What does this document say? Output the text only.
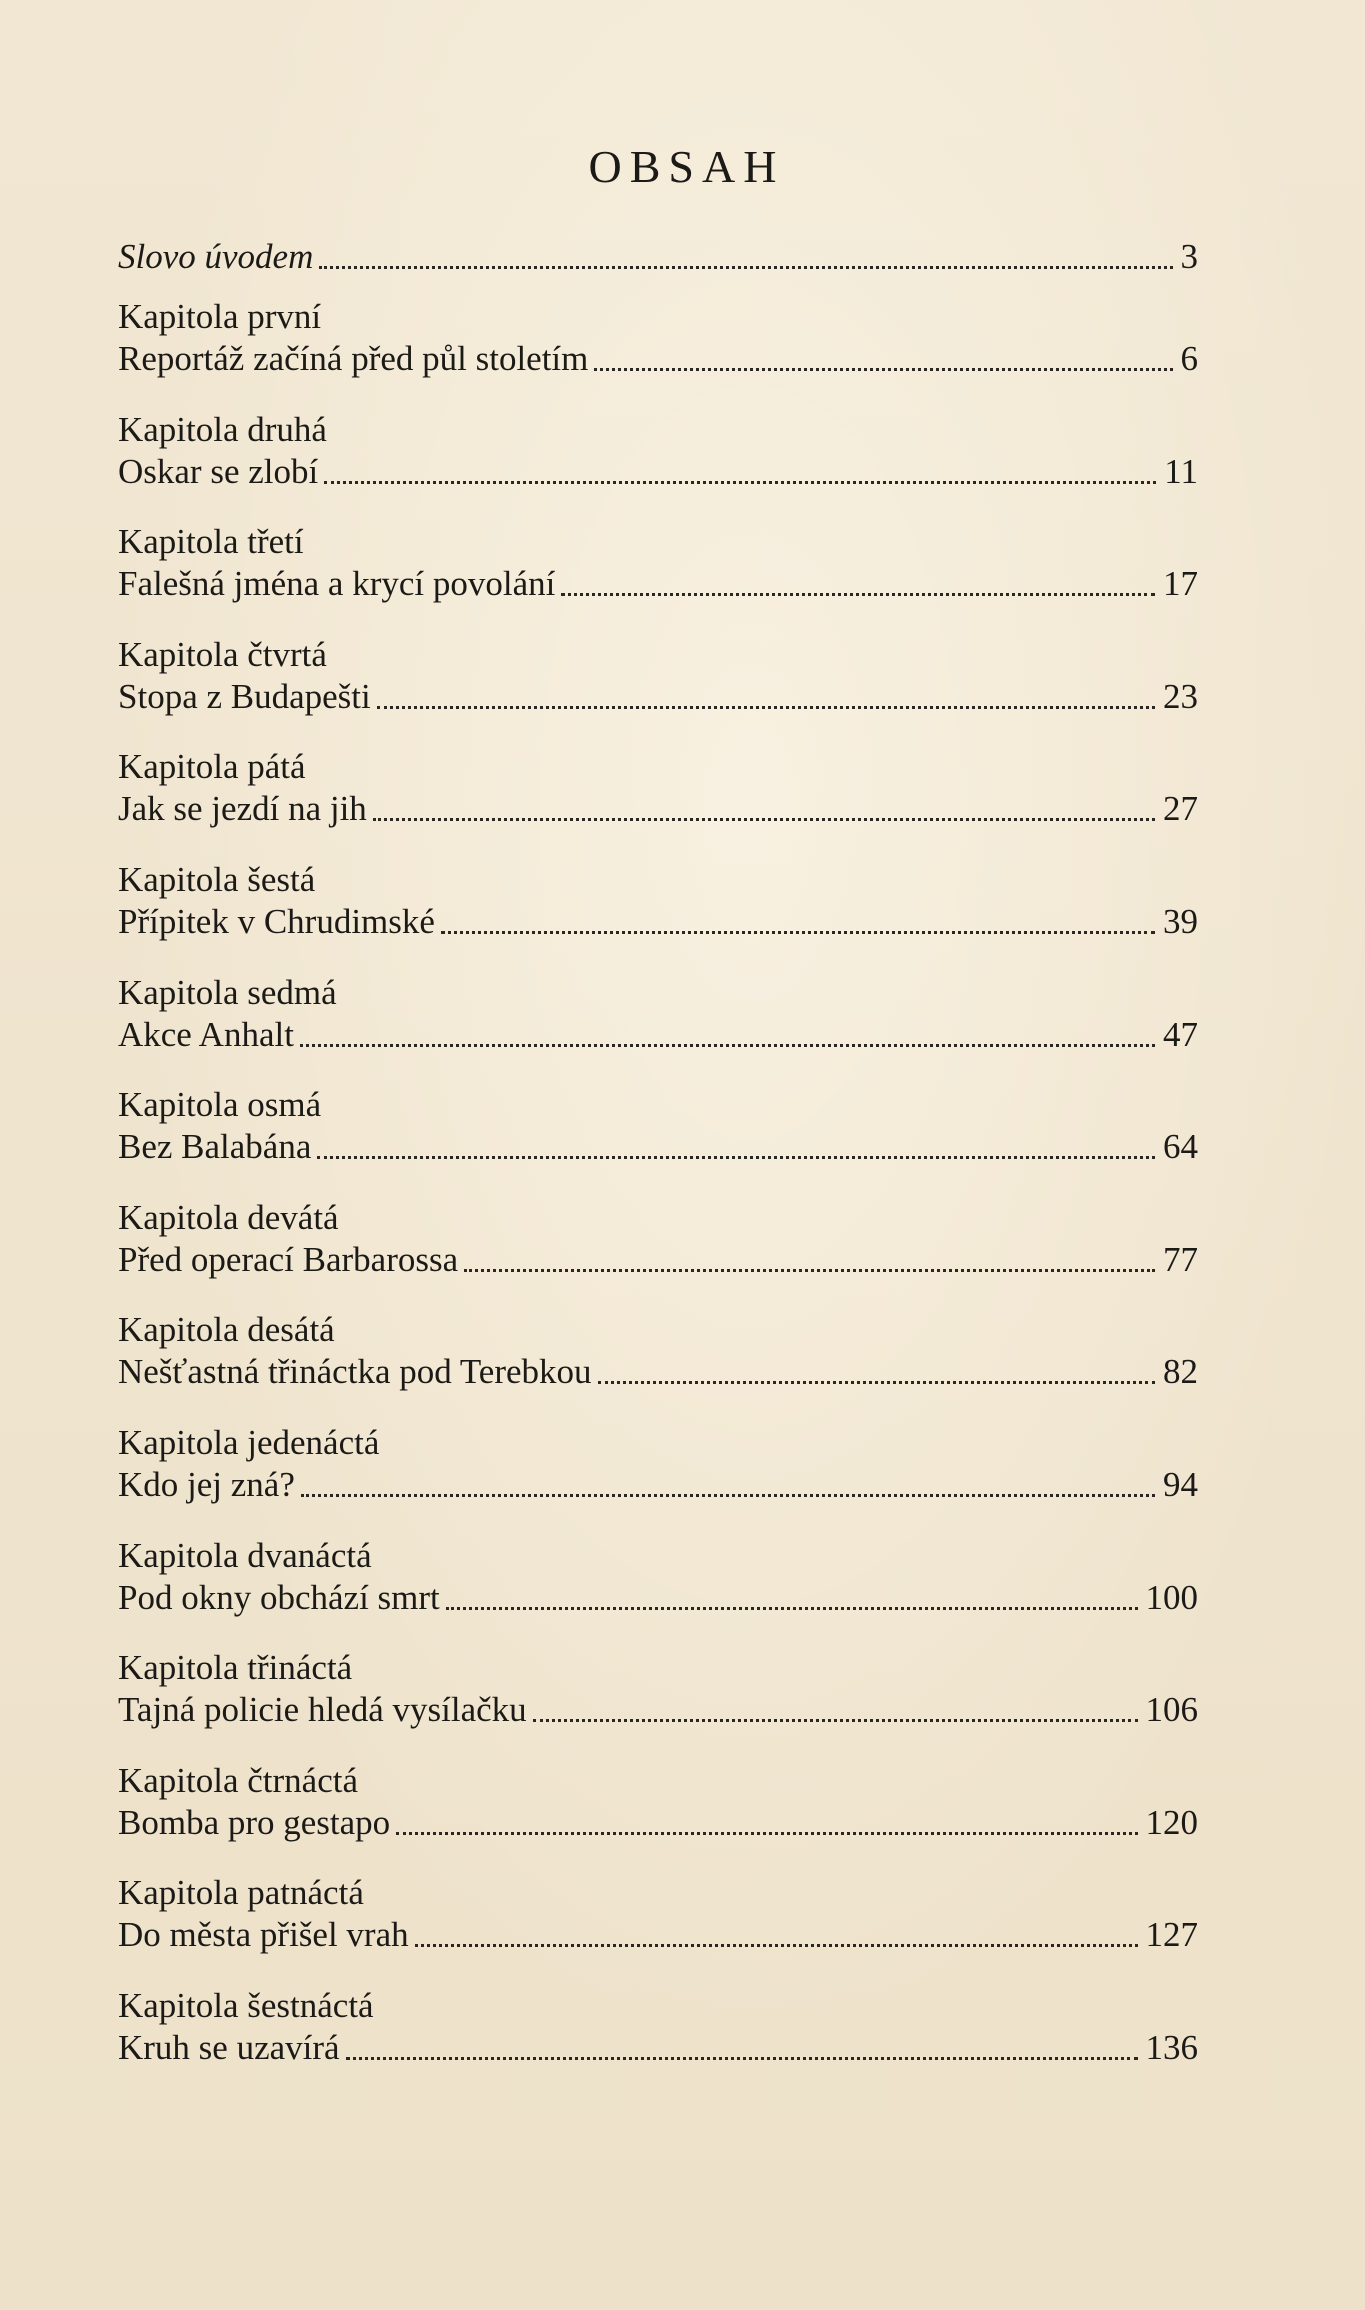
OBSAH
Slovo úvodem	3
Kapitola první
Reportáž začíná před půl stoletím	6
Kapitola druhá
Oskar se zlobí	11
Kapitola třetí
Falešná jména a krycí povolání	17
Kapitola čtvrtá
Stopa z Budapešti	23
Kapitola pátá
Jak se jezdí na jih	27
Kapitola šestá
Přípitek v Chrudimské	39
Kapitola sedmá
Akce Anhalt	47
Kapitola osmá
Bez Balabána	64
Kapitola devátá
Před operací Barbarossa	77
Kapitola desátá
Nešťastná třináctka pod Terebkou	82
Kapitola jedenáctá
Kdo jej zná?	94
Kapitola dvanáctá
Pod okny obchází smrt	100
Kapitola třináctá
Tajná policie hledá vysílačku	106
Kapitola čtrnáctá
Bomba pro gestapo	120
Kapitola patnáctá
Do města přišel vrah	127
Kapitola šestnáctá
Kruh se uzavírá	136
